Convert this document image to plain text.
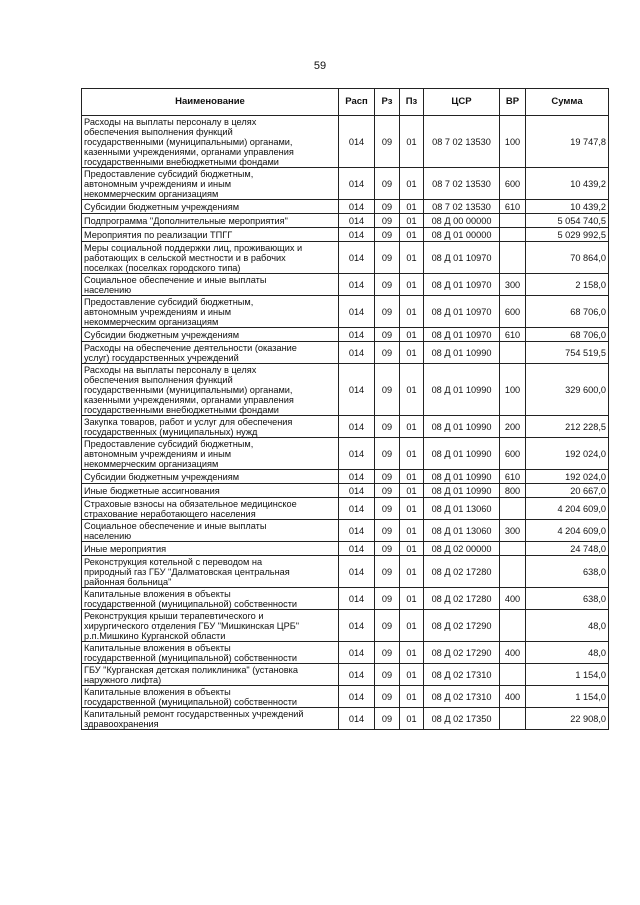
59
Наименование	Расп	Рз	Пз	ЦСР	ВР	Сумма

Расходы на выплаты персоналу в целях
обеспечения выполнения функций
государственными (муниципальными) органами,
казенными учреждениями, органами управления
государственными внебюджетными фондами	014	09	01	08 7 02 13530	100	19 747,8

Предоставление субсидий бюджетным,
автономным учреждениям и иным
некоммерческим организациям	014	09	01	08 7 02 13530	600	10 439,2

Субсидии бюджетным учреждениям	014	09	01	08 7 02 13530	610	10 439,2

Подпрограмма "Дополнительные мероприятия"	014	09	01	08 Д 00 00000		5 054 740,5

Мероприятия по реализации ТПГГ	014	09	01	08 Д 01 00000		5 029 992,5

Меры социальной поддержки лиц, проживающих и
работающих в сельской местности и в рабочих
поселках (поселках городского типа)	014	09	01	08 Д 01 10970		70 864,0

Социальное обеспечение и иные выплаты
населению	014	09	01	08 Д 01 10970	300	2 158,0

Предоставление субсидий бюджетным,
автономным учреждениям и иным
некоммерческим организациям	014	09	01	08 Д 01 10970	600	68 706,0

Субсидии бюджетным учреждениям	014	09	01	08 Д 01 10970	610	68 706,0

Расходы на обеспечение деятельности (оказание
услуг) государственных учреждений	014	09	01	08 Д 01 10990		754 519,5

Расходы на выплаты персоналу в целях
обеспечения выполнения функций
государственными (муниципальными) органами,
казенными учреждениями, органами управления
государственными внебюджетными фондами	014	09	01	08 Д 01 10990	100	329 600,0

Закупка товаров, работ и услуг для обеспечения
государственных (муниципальных) нужд	014	09	01	08 Д 01 10990	200	212 228,5

Предоставление субсидий бюджетным,
автономным учреждениям и иным
некоммерческим организациям	014	09	01	08 Д 01 10990	600	192 024,0

Субсидии бюджетным учреждениям	014	09	01	08 Д 01 10990	610	192 024,0

Иные бюджетные ассигнования	014	09	01	08 Д 01 10990	800	20 667,0

Страховые взносы на обязательное медицинское
страхование неработающего населения	014	09	01	08 Д 01 13060		4 204 609,0

Социальное обеспечение и иные выплаты
населению	014	09	01	08 Д 01 13060	300	4 204 609,0

Иные мероприятия	014	09	01	08 Д 02 00000		24 748,0

Реконструкция котельной с переводом на
природный газ ГБУ "Далматовская центральная
районная больница"	014	09	01	08 Д 02 17280		638,0

Капитальные вложения в объекты
государственной (муниципальной) собственности	014	09	01	08 Д 02 17280	400	638,0

Реконструкция крыши терапевтического и
хирургического отделения ГБУ "Мишкинская ЦРБ"
р.п.Мишкино Курганской области	014	09	01	08 Д 02 17290		48,0

Капитальные вложения в объекты
государственной (муниципальной) собственности	014	09	01	08 Д 02 17290	400	48,0

ГБУ "Курганская детская поликлиника" (установка
наружного лифта)	014	09	01	08 Д 02 17310		1 154,0

Капитальные вложения в объекты
государственной (муниципальной) собственности	014	09	01	08 Д 02 17310	400	1 154,0

Капитальный ремонт государственных учреждений
здравоохранения	014	09	01	08 Д 02 17350		22 908,0
